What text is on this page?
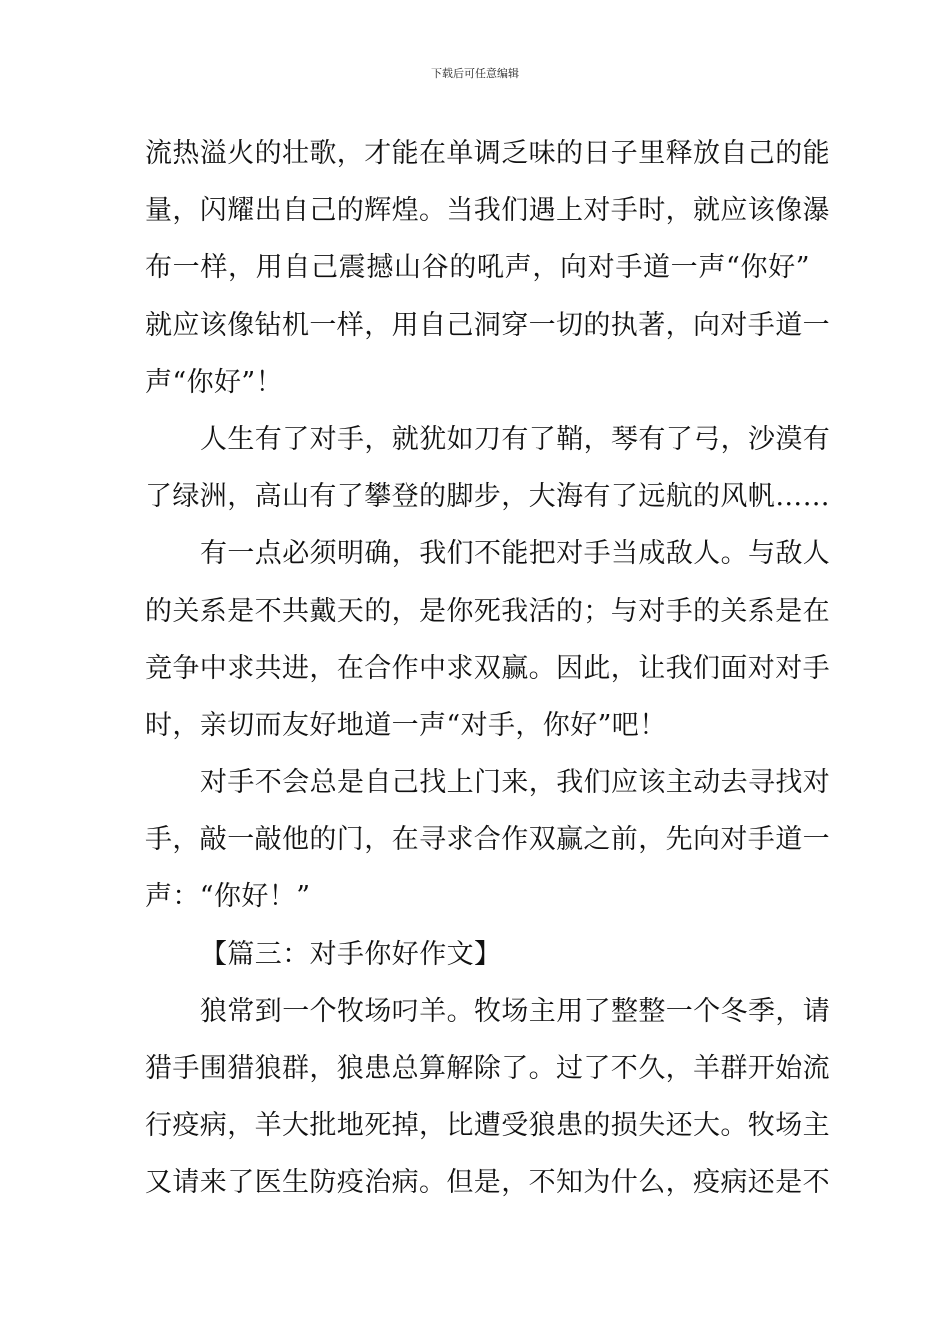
下载后可任意编辑
流热溢火的壮歌，才能在单调乏味的日子里释放自己的能
量，闪耀出自己的辉煌。当我们遇上对手时，就应该像瀑
布一样，用自己震撼山谷的吼声，向对手道一声“你好”
就应该像钻机一样，用自己洞穿一切的执著，向对手道一
声“你好”！
人生有了对手，就犹如刀有了鞘，琴有了弓，沙漠有
了绿洲，高山有了攀登的脚步，大海有了远航的风帆……
有一点必须明确，我们不能把对手当成敌人。与敌人
的关系是不共戴天的，是你死我活的；与对手的关系是在
竞争中求共进，在合作中求双赢。因此，让我们面对对手
时，亲切而友好地道一声“对手，你好”吧！
对手不会总是自己找上门来，我们应该主动去寻找对
手，敲一敲他的门，在寻求合作双赢之前，先向对手道一
声：“你好！”
【篇三：对手你好作文】
狼常到一个牧场叼羊。牧场主用了整整一个冬季，请
猎手围猎狼群，狼患总算解除了。过了不久，羊群开始流
行疫病，羊大批地死掉，比遭受狼患的损失还大。牧场主
又请来了医生防疫治病。但是，不知为什么，疫病还是不
